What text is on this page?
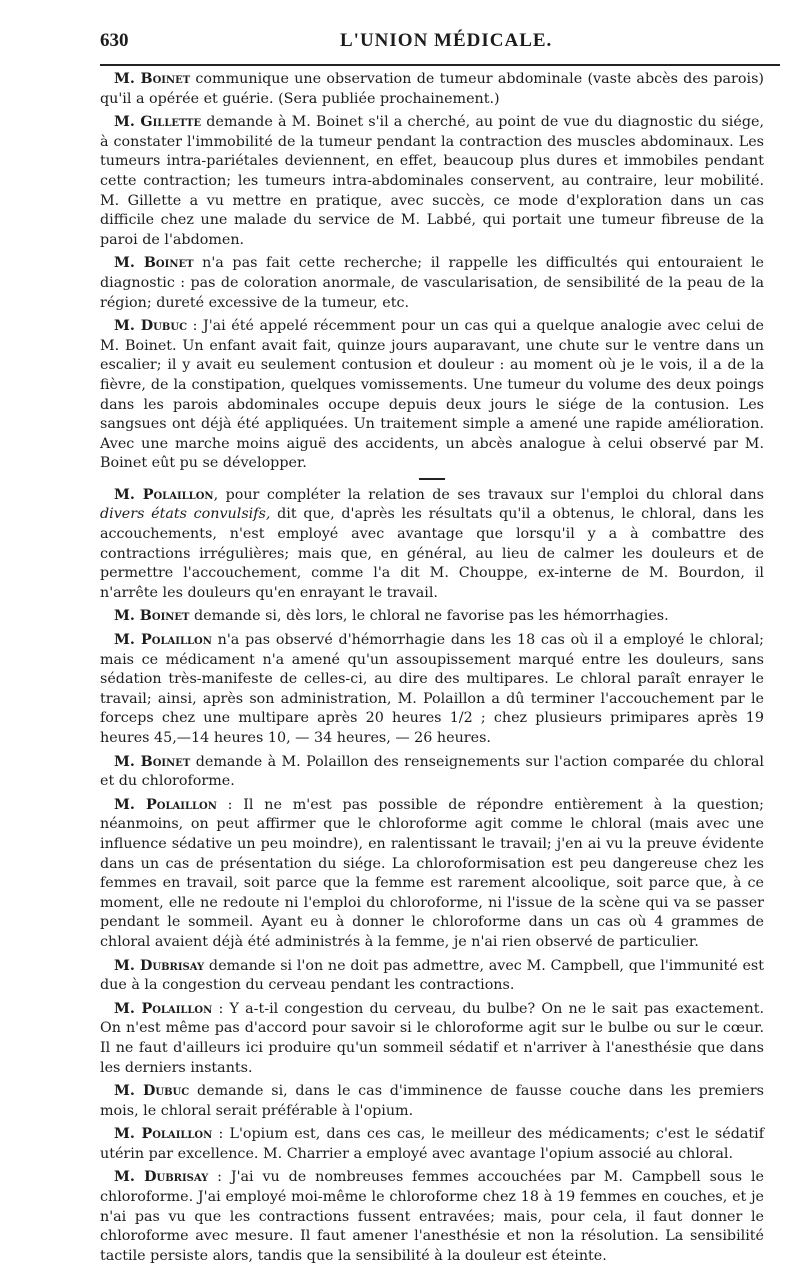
630	L'UNION MÉDICALE.

M. Boinet communique une observation de tumeur abdominale (vaste abcès des parois) qu'il a opérée et guérie. (Sera publiée prochainement.)

M. Gillette demande à M. Boinet s'il a cherché, au point de vue du diagnostic du siége, à constater l'immobilité de la tumeur pendant la contraction des muscles abdominaux. Les tumeurs intra-pariétales deviennent, en effet, beaucoup plus dures et immobiles pendant cette contraction; les tumeurs intra-abdominales conservent, au contraire, leur mobilité. M. Gillette a vu mettre en pratique, avec succès, ce mode d'exploration dans un cas difficile chez une malade du service de M. Labbé, qui portait une tumeur fibreuse de la paroi de l'abdomen.

M. Boinet n'a pas fait cette recherche; il rappelle les difficultés qui entouraient le diagnostic : pas de coloration anormale, de vascularisation, de sensibilité de la peau de la région; dureté excessive de la tumeur, etc.

M. Dubuc : J'ai été appelé récemment pour un cas qui a quelque analogie avec celui de M. Boinet. Un enfant avait fait, quinze jours auparavant, une chute sur le ventre dans un escalier; il y avait eu seulement contusion et douleur : au moment où je le vois, il a de la fièvre, de la constipation, quelques vomissements. Une tumeur du volume des deux poings dans les parois abdominales occupe depuis deux jours le siége de la contusion. Les sangsues ont déjà été appliquées. Un traitement simple a amené une rapide amélioration. Avec une marche moins aiguë des accidents, un abcès analogue à celui observé par M. Boinet eût pu se développer.

M. Polaillon, pour compléter la relation de ses travaux sur l'emploi du chloral dans divers états convulsifs, dit que, d'après les résultats qu'il a obtenus, le chloral, dans les accouchements, n'est employé avec avantage que lorsqu'il y a à combattre des contractions irrégulières; mais que, en général, au lieu de calmer les douleurs et de permettre l'accouchement, comme l'a dit M. Chouppe, ex-interne de M. Bourdon, il n'arrête les douleurs qu'en enrayant le travail.

M. Boinet demande si, dès lors, le chloral ne favorise pas les hémorrhagies.

M. Polaillon n'a pas observé d'hémorrhagie dans les 18 cas où il a employé le chloral; mais ce médicament n'a amené qu'un assoupissement marqué entre les douleurs, sans sédation très-manifeste de celles-ci, au dire des multipares. Le chloral paraît enrayer le travail; ainsi, après son administration, M. Polaillon a dû terminer l'accouchement par le forceps chez une multipare après 20 heures 1/2 ; chez plusieurs primipares après 19 heures 45,—14 heures 10, — 34 heures, — 26 heures.

M. Boinet demande à M. Polaillon des renseignements sur l'action comparée du chloral et du chloroforme.

M. Polaillon : Il ne m'est pas possible de répondre entièrement à la question; néanmoins, on peut affirmer que le chloroforme agit comme le chloral (mais avec une influence sédative un peu moindre), en ralentissant le travail; j'en ai vu la preuve évidente dans un cas de présentation du siége. La chloroformisation est peu dangereuse chez les femmes en travail, soit parce que la femme est rarement alcoolique, soit parce que, à ce moment, elle ne redoute ni l'emploi du chloroforme, ni l'issue de la scène qui va se passer pendant le sommeil. Ayant eu à donner le chloroforme dans un cas où 4 grammes de chloral avaient déjà été administrés à la femme, je n'ai rien observé de particulier.

M. Dubrisay demande si l'on ne doit pas admettre, avec M. Campbell, que l'immunité est due à la congestion du cerveau pendant les contractions.

M. Polaillon : Y a-t-il congestion du cerveau, du bulbe? On ne le sait pas exactement. On n'est même pas d'accord pour savoir si le chloroforme agit sur le bulbe ou sur le cœur. Il ne faut d'ailleurs ici produire qu'un sommeil sédatif et n'arriver à l'anesthésie que dans les derniers instants.

M. Dubuc demande si, dans le cas d'imminence de fausse couche dans les premiers mois, le chloral serait préférable à l'opium.

M. Polaillon : L'opium est, dans ces cas, le meilleur des médicaments; c'est le sédatif utérin par excellence. M. Charrier a employé avec avantage l'opium associé au chloral.

M. Dubrisay : J'ai vu de nombreuses femmes accouchées par M. Campbell sous le chloroforme. J'ai employé moi-même le chloroforme chez 18 à 19 femmes en couches, et je n'ai pas vu que les contractions fussent entravées; mais, pour cela, il faut donner le chloroforme avec mesure. Il faut amener l'anesthésie et non la résolution. La sensibilité tactile persiste alors, tandis que la sensibilité à la douleur est éteinte.
